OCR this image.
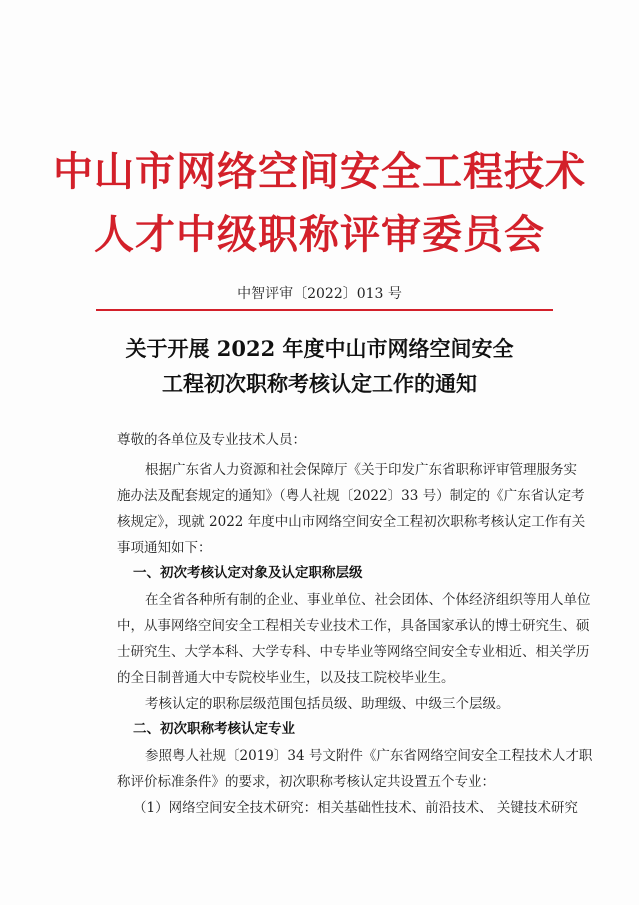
中山市网络空间安全工程技术
人才中级职称评审委员会
中智评审〔2022〕013 号
关于开展 2022 年度中山市网络空间安全
工程初次职称考核认定工作的通知
尊敬的各单位及专业技术人员：
根据广东省人力资源和社会保障厅《关于印发广东省职称评审管理服务实
施办法及配套规定的通知》（粤人社规〔2022〕33 号）制定的《广东省认定考
核规定》，现就 2022 年度中山市网络空间安全工程初次职称考核认定工作有关
事项通知如下：
一、初次考核认定对象及认定职称层级
在全省各种所有制的企业、事业单位、社会团体、个体经济组织等用人单位
中，从事网络空间安全工程相关专业技术工作，具备国家承认的博士研究生、硕
士研究生、大学本科、大学专科、中专毕业等网络空间安全专业相近、相关学历
的全日制普通大中专院校毕业生，以及技工院校毕业生。
考核认定的职称层级范围包括员级、助理级、中级三个层级。
二、初次职称考核认定专业
参照粤人社规〔2019〕34 号文附件《广东省网络空间安全工程技术人才职
称评价标准条件》的要求，初次职称考核认定共设置五个专业：
（1）网络空间安全技术研究：相关基础性技术、前沿技术、 关键技术研究
